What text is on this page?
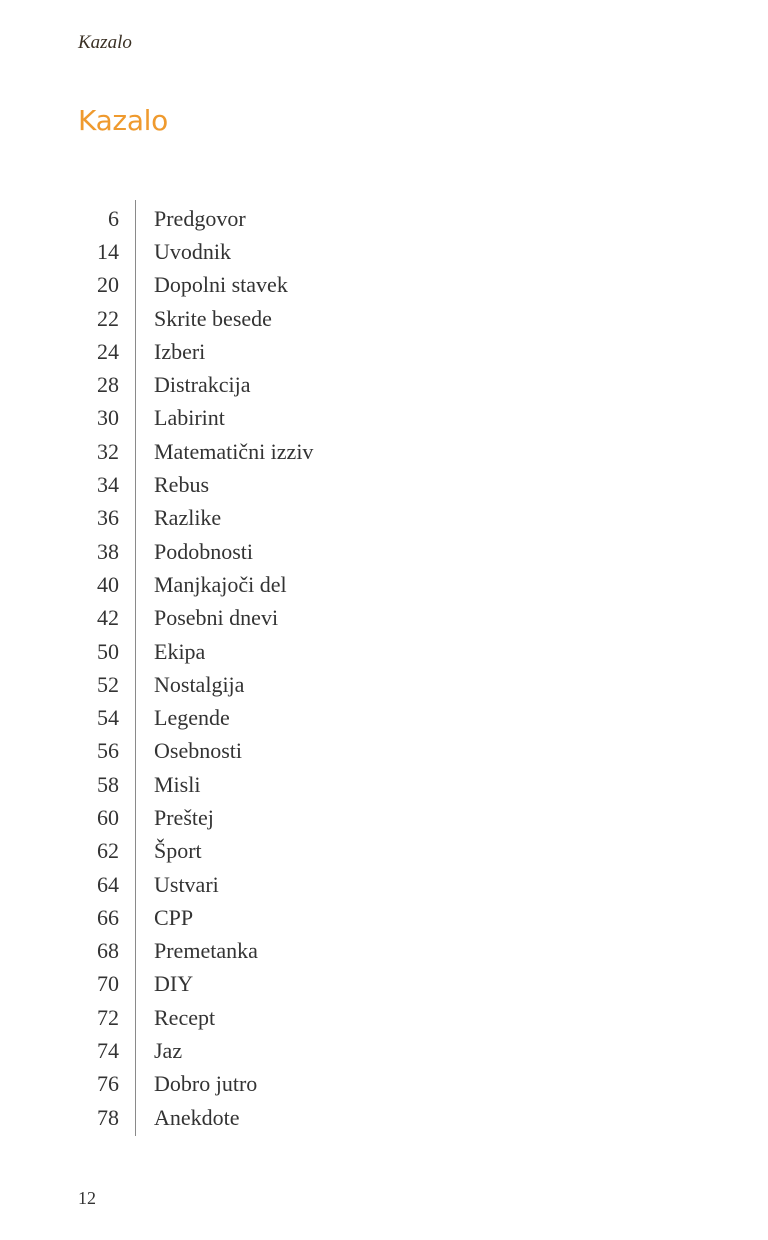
Kazalo

Kazalo
6 Predgovor
14 Uvodnik
20 Dopolni stavek
22 Skrite besede
24 Izberi
28 Distrakcija
30 Labirint
32 Matematični izziv
34 Rebus
36 Razlike
38 Podobnosti
40 Manjkajoči del
42 Posebni dnevi
50 Ekipa
52 Nostalgija
54 Legende
56 Osebnosti
58 Misli
60 Preštej
62 Šport
64 Ustvari
66 CPP
68 Premetanka
70 DIY
72 Recept
74 Jaz
76 Dobro jutro
78 Anekdote

12
